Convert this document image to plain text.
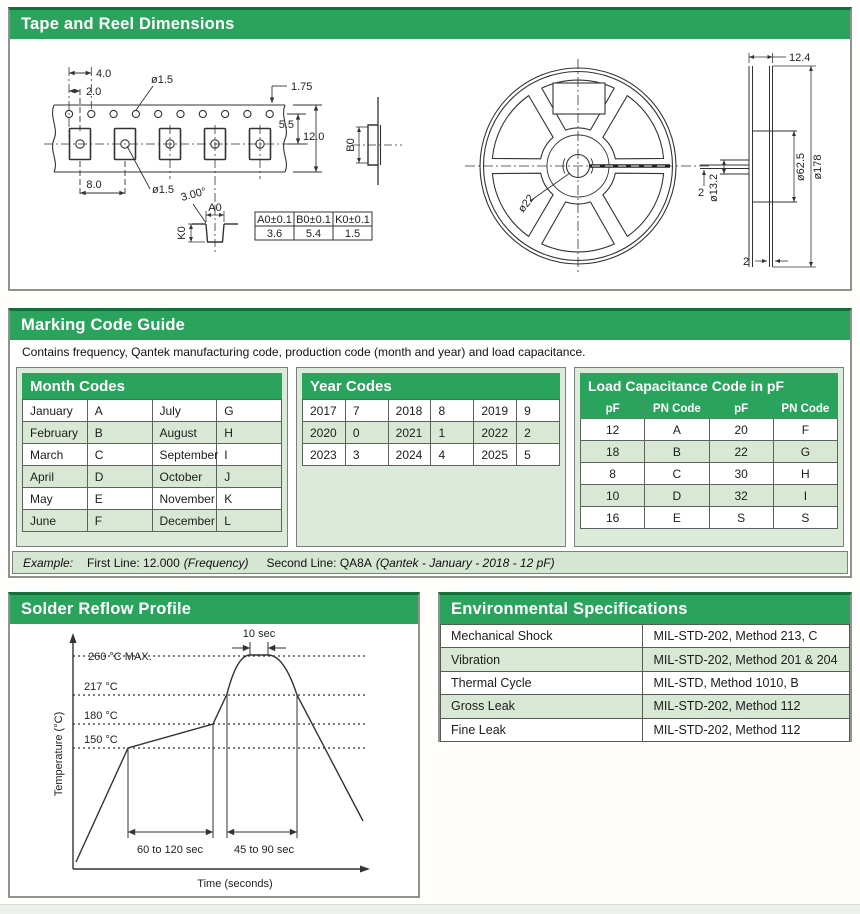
Tape and Reel Dimensions
4.0
2.0
ø1.5
1.75
5.5
12.0
8.0	ø1.5 3.00°
A0
K0
B0
A0±0.1 B0±0.1 K0±0.1
3.6 5.4 1.5
ø22
12.4
ø62.5 ø178
ø13.2
2
2
Marking Code Guide
Contains frequency, Qantek manufacturing code, production code (month and year) and load capacitance.
Month Codes
January	A	July	G
February	B	August	H
March	C	September	I
April	D	October	J
May	E	November	K
June	F	December	L
Year Codes
2017	7	2018	8	2019	9
2020	0	2021	1	2022	2
2023	3	2024	4	2025	5
Load Capacitance Code in pF
pF	PN Code	pF	PN Code
12	A	20	F
18	B	22	G
8	C	30	H
10	D	32	I
16	E	S	S
Example: First Line: 12.000 (Frequency) Second Line: QA8A (Qantek - January - 2018 - 12 pF)
Solder Reflow Profile
260 °C MAX.
217 °C
180 °C
150 °C
10 sec
60 to 120 sec	45 to 90 sec
Temperature (°C)
Time (seconds)
Environmental Specifications
Mechanical Shock	MIL-STD-202, Method 213, C
Vibration	MIL-STD-202, Method 201 & 204
Thermal Cycle	MIL-STD, Method 1010, B
Gross Leak	MIL-STD-202, Method 112
Fine Leak	MIL-STD-202, Method 112
